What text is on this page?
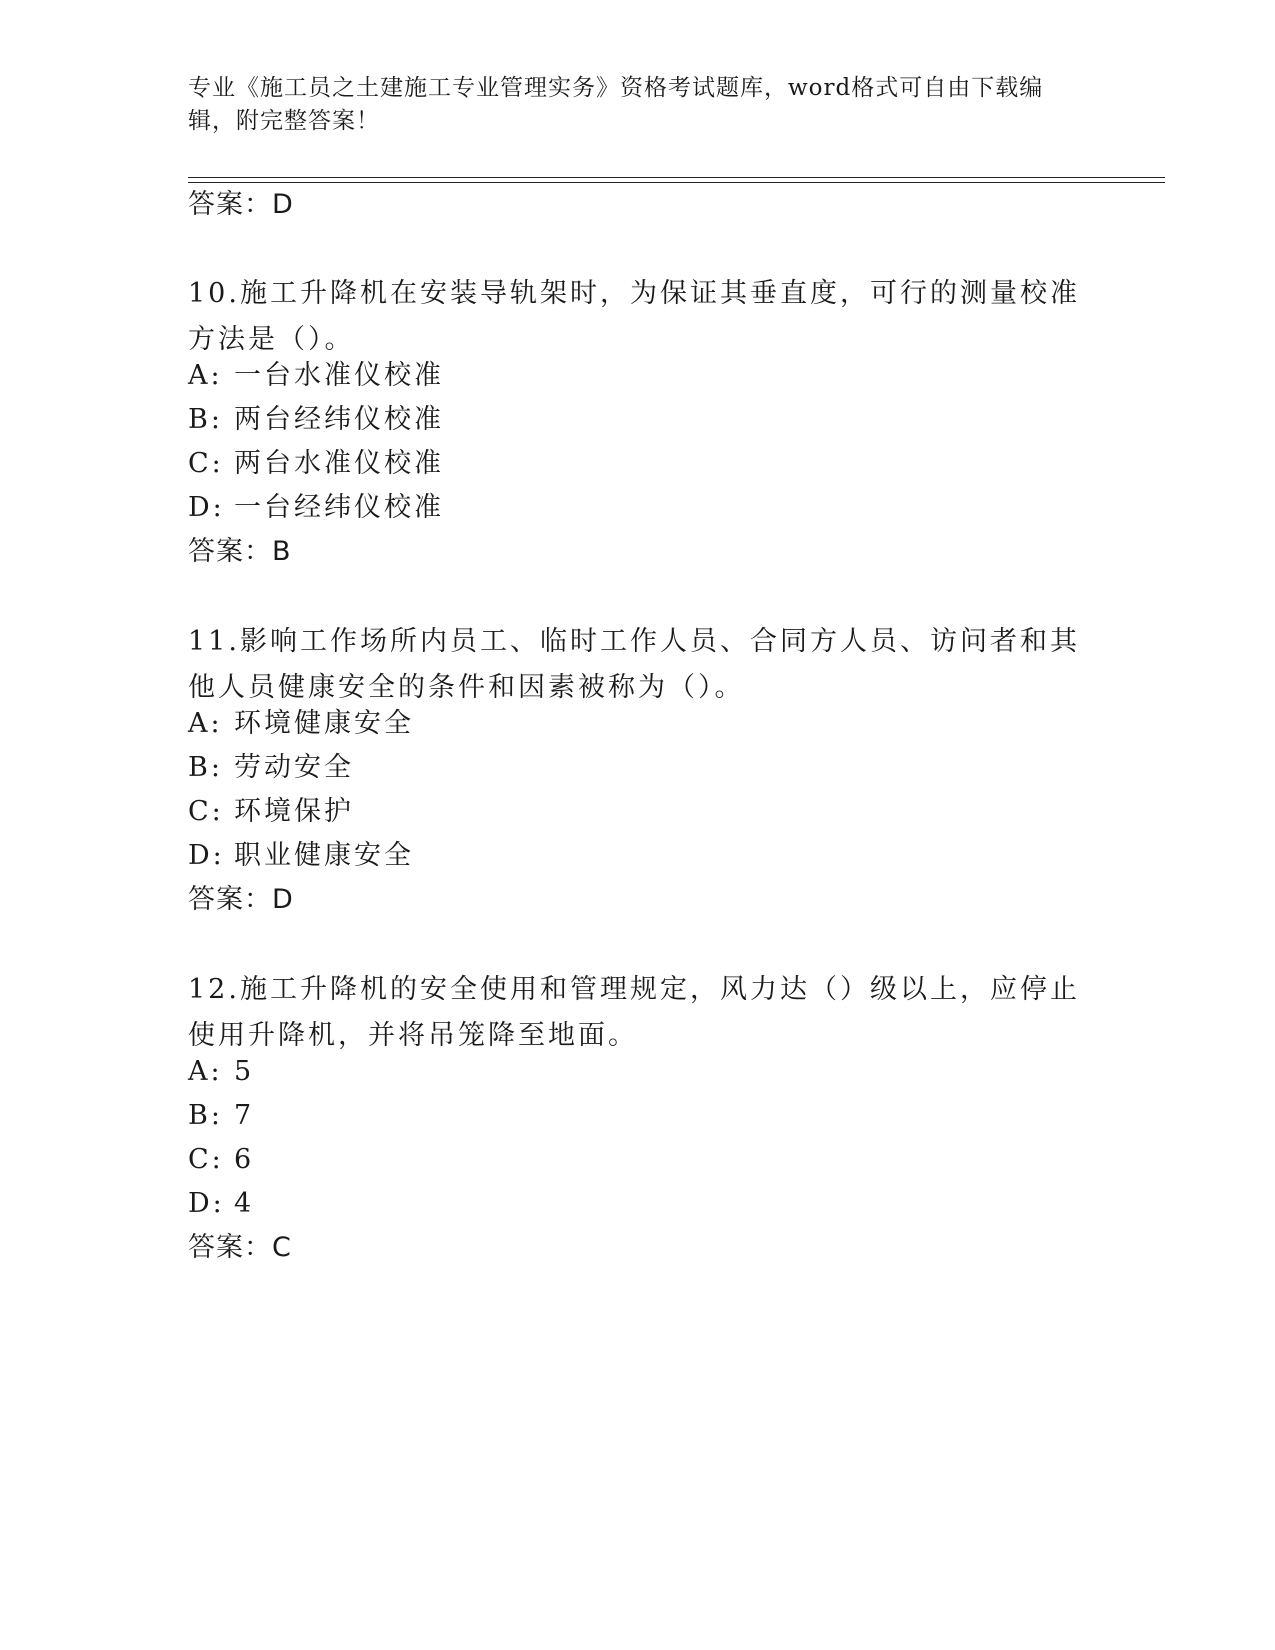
专业《施工员之土建施工专业管理实务》资格考试题库，word格式可自由下载编辑，附完整答案！
答案：D
10.施工升降机在安装导轨架时，为保证其垂直度，可行的测量校准方法是（）。
A: 一台水准仪校准
B: 两台经纬仪校准
C: 两台水准仪校准
D: 一台经纬仪校准
答案：B
11.影响工作场所内员工、临时工作人员、合同方人员、访问者和其他人员健康安全的条件和因素被称为（）。
A: 环境健康安全
B: 劳动安全
C: 环境保护
D: 职业健康安全
答案：D
12.施工升降机的安全使用和管理规定，风力达（）级以上，应停止使用升降机，并将吊笼降至地面。
A: 5
B: 7
C: 6
D: 4
答案：C
